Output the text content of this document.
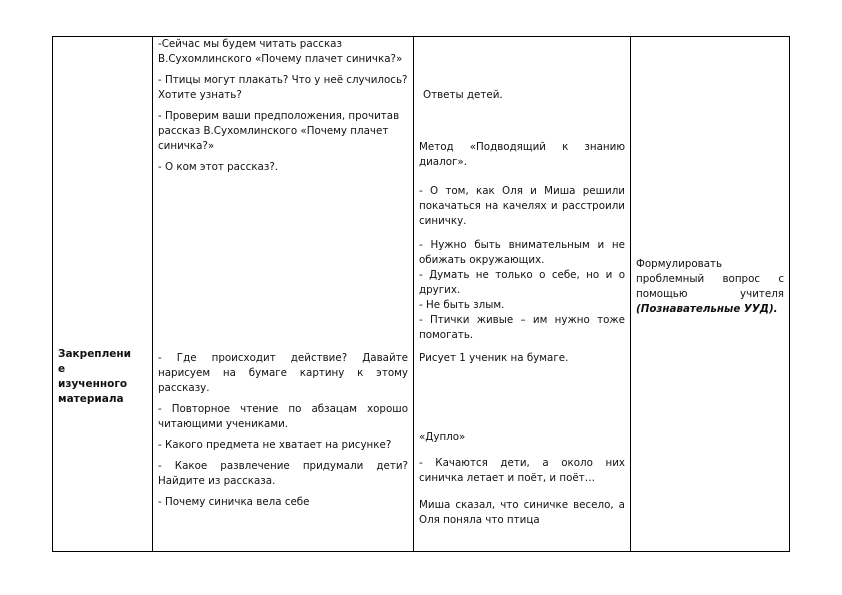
Закреплени
е
изученного
материала

-Сейчас мы будем читать рассказ В.Сухомлинского «Почему плачет синичка?»

- Птицы могут плакать? Что у неё случилось? Хотите узнать?

- Проверим ваши предположения, прочитав рассказ В.Сухомлинского «Почему плачет синичка?»

- О ком этот рассказ?.

- Где происходит действие? Давайте нарисуем на бумаге картину к этому рассказу.

- Повторное чтение по абзацам хорошо читающими учениками.

- Какого предмета не хватает на рисунке?

- Какое развлечение придумали дети? Найдите из рассказа.

- Почему синичка вела себе

Ответы детей.
Метод «Подводящий к знанию диалог».
- О том, как Оля и Миша решили покачаться на качелях и расстроили синичку.
- Нужно быть внимательным и не обижать окружающих.
- Думать не только о себе, но и о других.
- Не быть злым.
- Птички живые – им нужно тоже помогать.
Рисует 1 ученик на бумаге.
«Дупло»
- Качаются дети, а около них синичка летает и поёт, и поёт…
Миша сказал, что синичке весело, а Оля поняла что птица
Формулировать проблемный вопрос с помощью учителя (Познавательные УУД).
